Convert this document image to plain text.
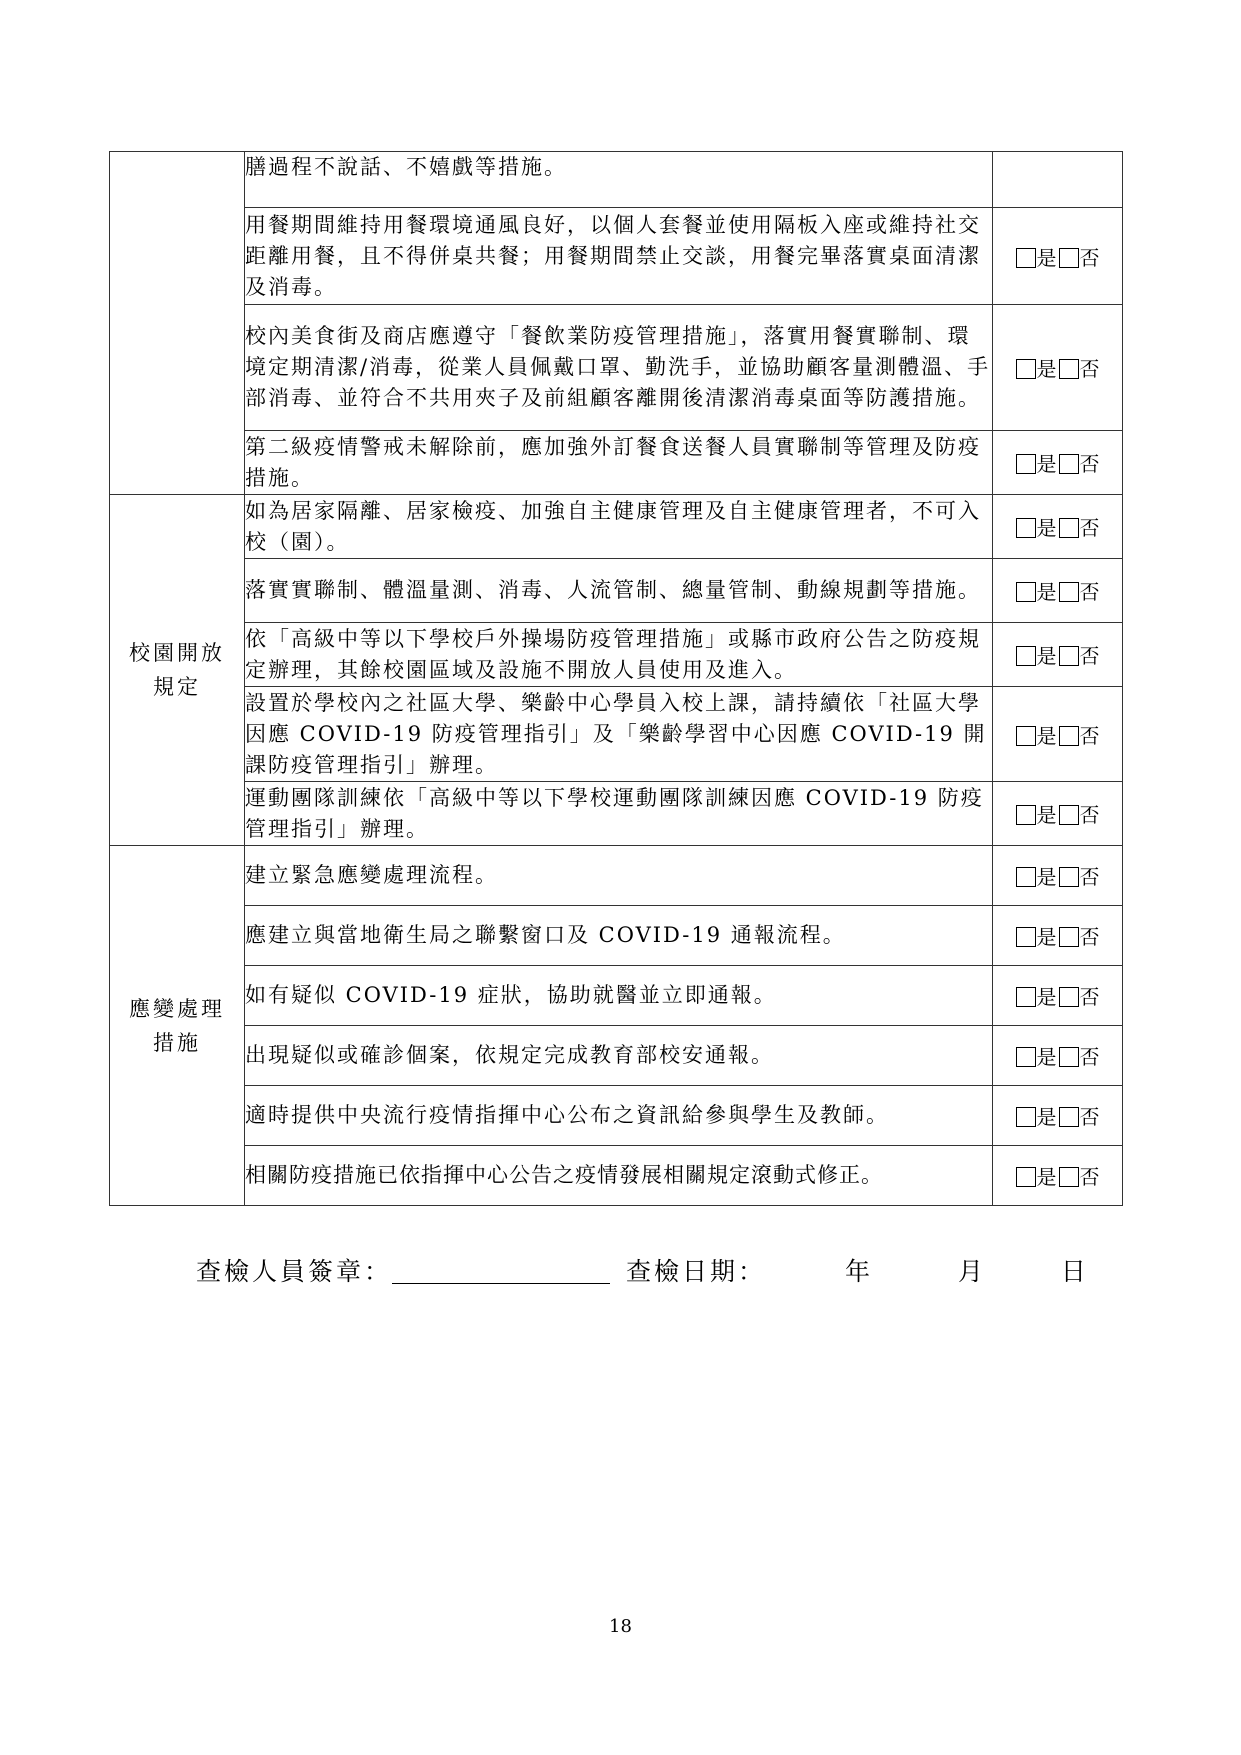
	膳過程不說話、不嬉戲等措施。	
	用餐期間維持用餐環境通風良好，以個人套餐並使用隔板入座或維持社交距離用餐，且不得併桌共餐；用餐期間禁止交談，用餐完畢落實桌面清潔及消毒。	是 否
	校內美食街及商店應遵守「餐飲業防疫管理措施」，落實用餐實聯制、環境定期清潔/消毒，從業人員佩戴口罩、勤洗手，並協助顧客量測體溫、手部消毒、並符合不共用夾子及前組顧客離開後清潔消毒桌面等防護措施。	是 否
	第二級疫情警戒未解除前，應加強外訂餐食送餐人員實聯制等管理及防疫措施。	是 否
校園開放規定	如為居家隔離、居家檢疫、加強自主健康管理及自主健康管理者，不可入校（園）。	是 否
	落實實聯制、體溫量測、消毒、人流管制、總量管制、動線規劃等措施。	是 否
	依「高級中等以下學校戶外操場防疫管理措施」或縣市政府公告之防疫規定辦理，其餘校園區域及設施不開放人員使用及進入。	是 否
	設置於學校內之社區大學、樂齡中心學員入校上課，請持續依「社區大學因應 COVID-19 防疫管理指引」及「樂齡學習中心因應 COVID-19 開課防疫管理指引」辦理。	是 否
	運動團隊訓練依「高級中等以下學校運動團隊訓練因應 COVID-19 防疫管理指引」辦理。	是 否
應變處理措施	建立緊急應變處理流程。	是 否
	應建立與當地衛生局之聯繫窗口及 COVID-19 通報流程。	是 否
	如有疑似 COVID-19 症狀，協助就醫並立即通報。	是 否
	出現疑似或確診個案，依規定完成教育部校安通報。	是 否
	適時提供中央流行疫情指揮中心公布之資訊給參與學生及教師。	是 否
	相關防疫措施已依指揮中心公告之疫情發展相關規定滾動式修正。	是 否
查檢人員簽章：	查檢日期：	年	月	日
18
